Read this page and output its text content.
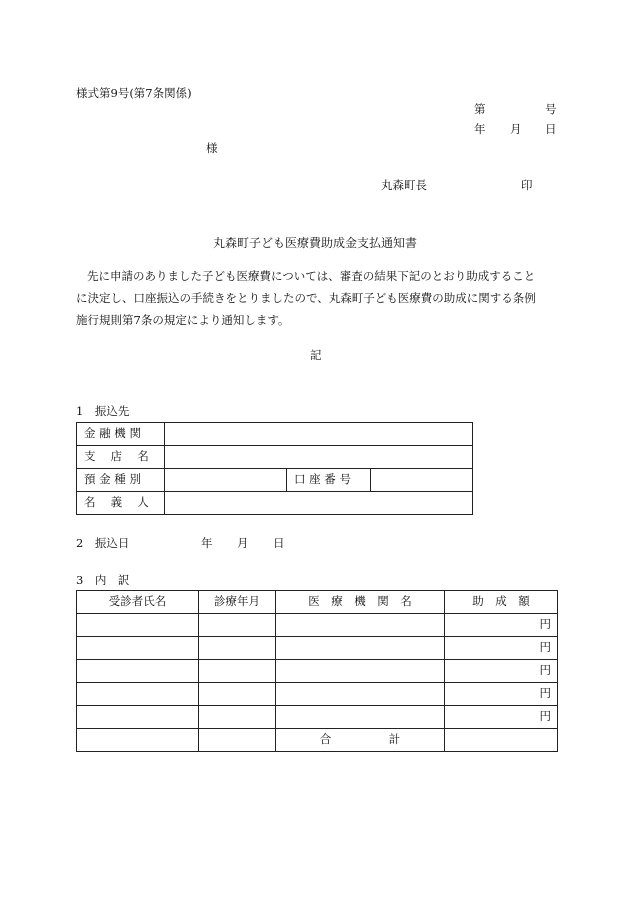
様式第9号(第7条関係)
第	号
年 月 日
様
丸森町長	印
丸森町子ども医療費助成金支払通知書

先に申請のありました子ども医療費については、審査の結果下記のとおり助成すること

に決定し、口座振込の手続きをとりましたので、丸森町子ども医療費の助成に関する条例

施行規則第7条の規定により通知します。

記
1　振込先
金 融 機 関			
支　 店　 名			
預 金 種 別		口 座 番 号	
名　 義　 人			
2　振込日	年 月 日
3　内　訳
受診者氏名	診療年月	医　療　機　関　名	助　成　額
			円
			円
			円
			円
			円
		合　　　　　計	
